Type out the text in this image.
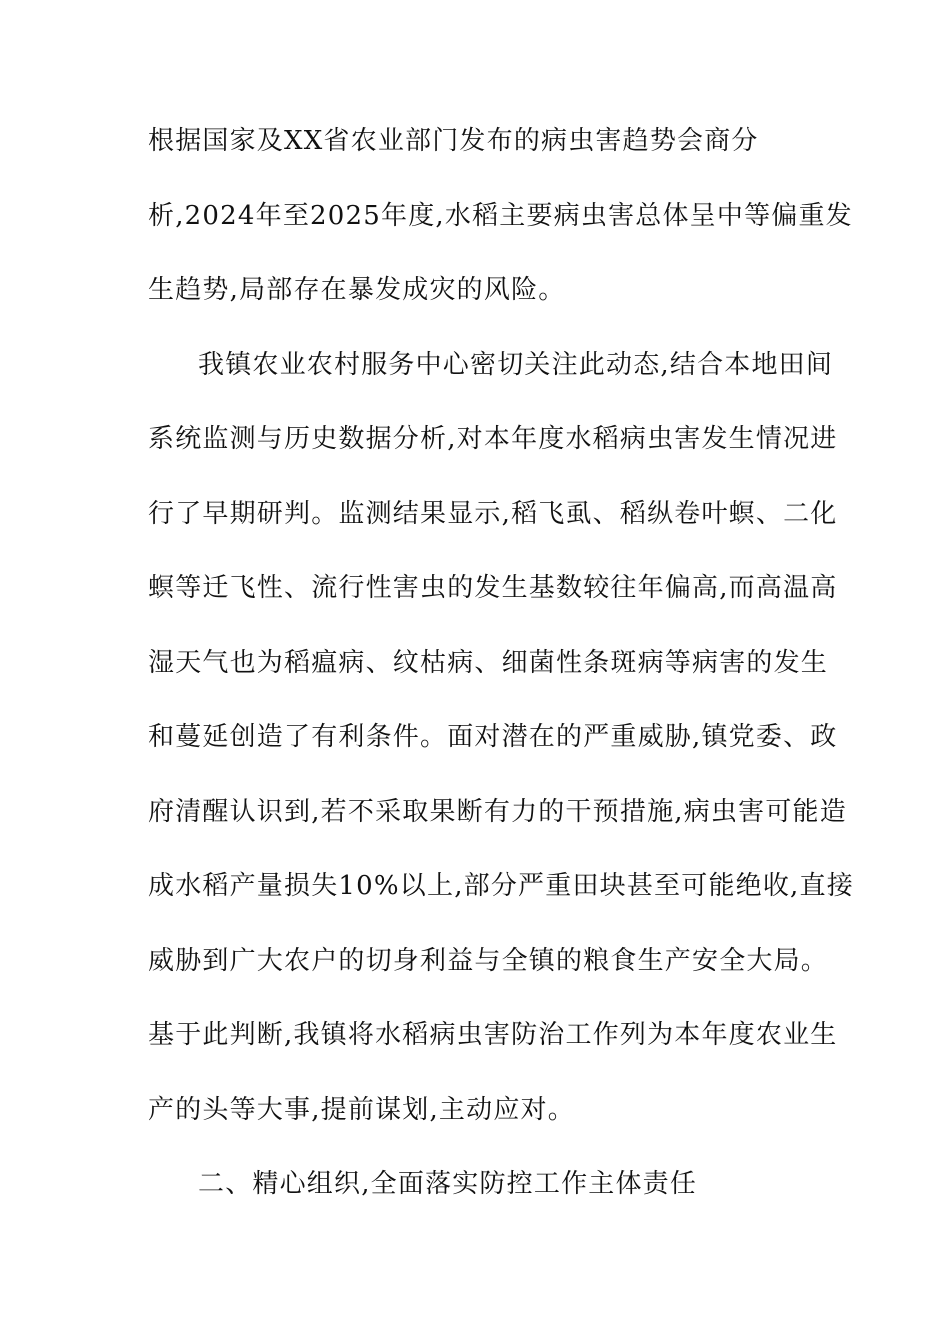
根据国家及XX省农业部门发布的病虫害趋势会商分
析,2024年至2025年度,水稻主要病虫害总体呈中等偏重发
生趋势,局部存在暴发成灾的风险。
我镇农业农村服务中心密切关注此动态,结合本地田间
系统监测与历史数据分析,对本年度水稻病虫害发生情况进
行了早期研判。监测结果显示,稻飞虱、稻纵卷叶螟、二化
螟等迁飞性、流行性害虫的发生基数较往年偏高,而高温高
湿天气也为稻瘟病、纹枯病、细菌性条斑病等病害的发生
和蔓延创造了有利条件。面对潜在的严重威胁,镇党委、政
府清醒认识到,若不采取果断有力的干预措施,病虫害可能造
成水稻产量损失10%以上,部分严重田块甚至可能绝收,直接
威胁到广大农户的切身利益与全镇的粮食生产安全大局。
基于此判断,我镇将水稻病虫害防治工作列为本年度农业生
产的头等大事,提前谋划,主动应对。
二、精心组织,全面落实防控工作主体责任
